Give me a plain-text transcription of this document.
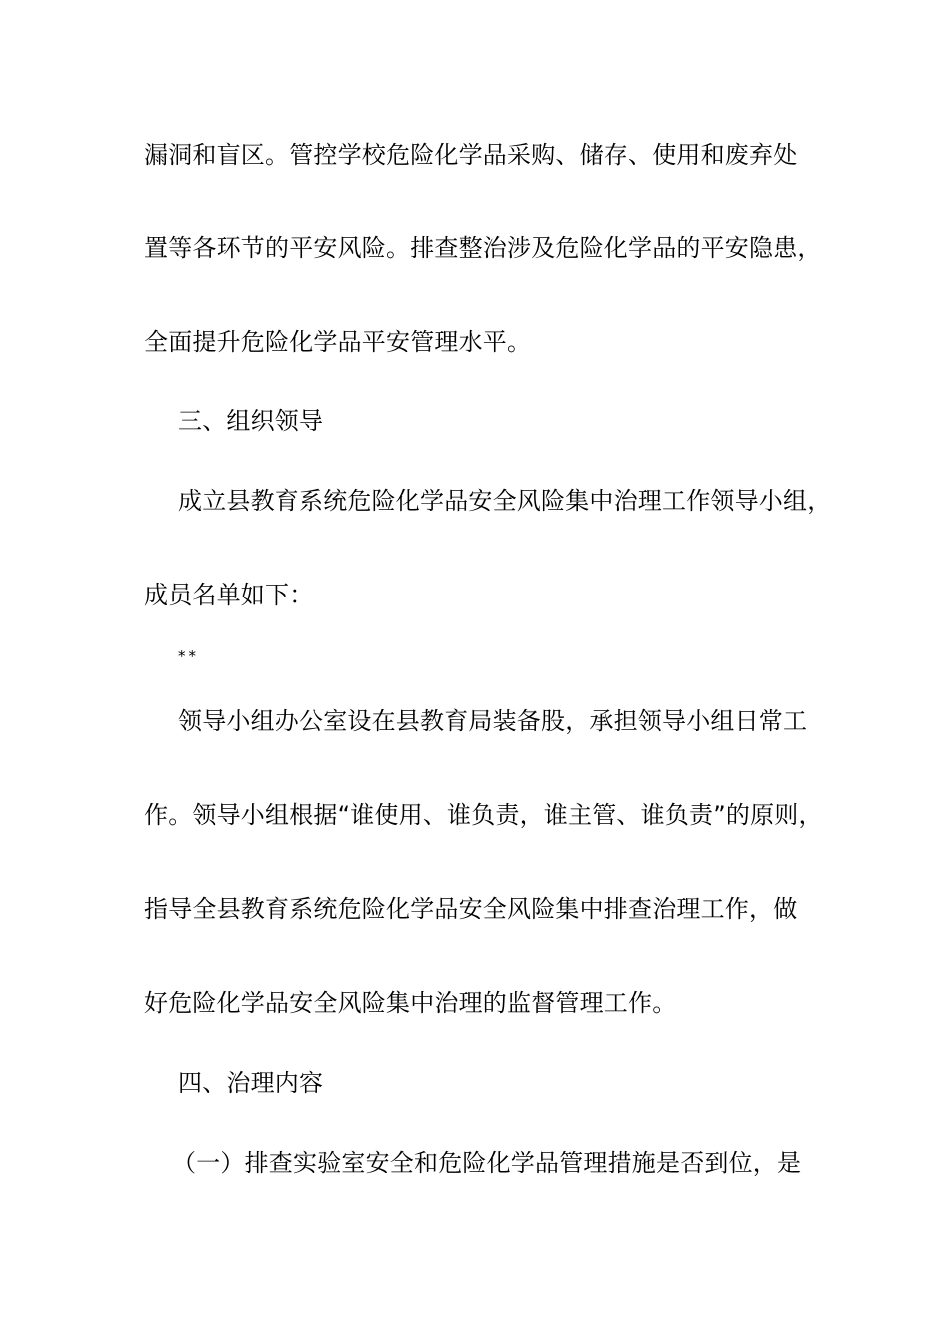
漏洞和盲区。管控学校危险化学品采购、储存、使用和废弃处
置等各环节的平安风险。排查整治涉及危险化学品的平安隐患，
全面提升危险化学品平安管理水平。
三、组织领导
成立县教育系统危险化学品安全风险集中治理工作领导小组，
成员名单如下：
**
领导小组办公室设在县教育局装备股，承担领导小组日常工
作。领导小组根据“谁使用、谁负责，谁主管、谁负责”的原则，
指导全县教育系统危险化学品安全风险集中排查治理工作，做
好危险化学品安全风险集中治理的监督管理工作。
四、治理内容
（一）排查实验室安全和危险化学品管理措施是否到位，是
